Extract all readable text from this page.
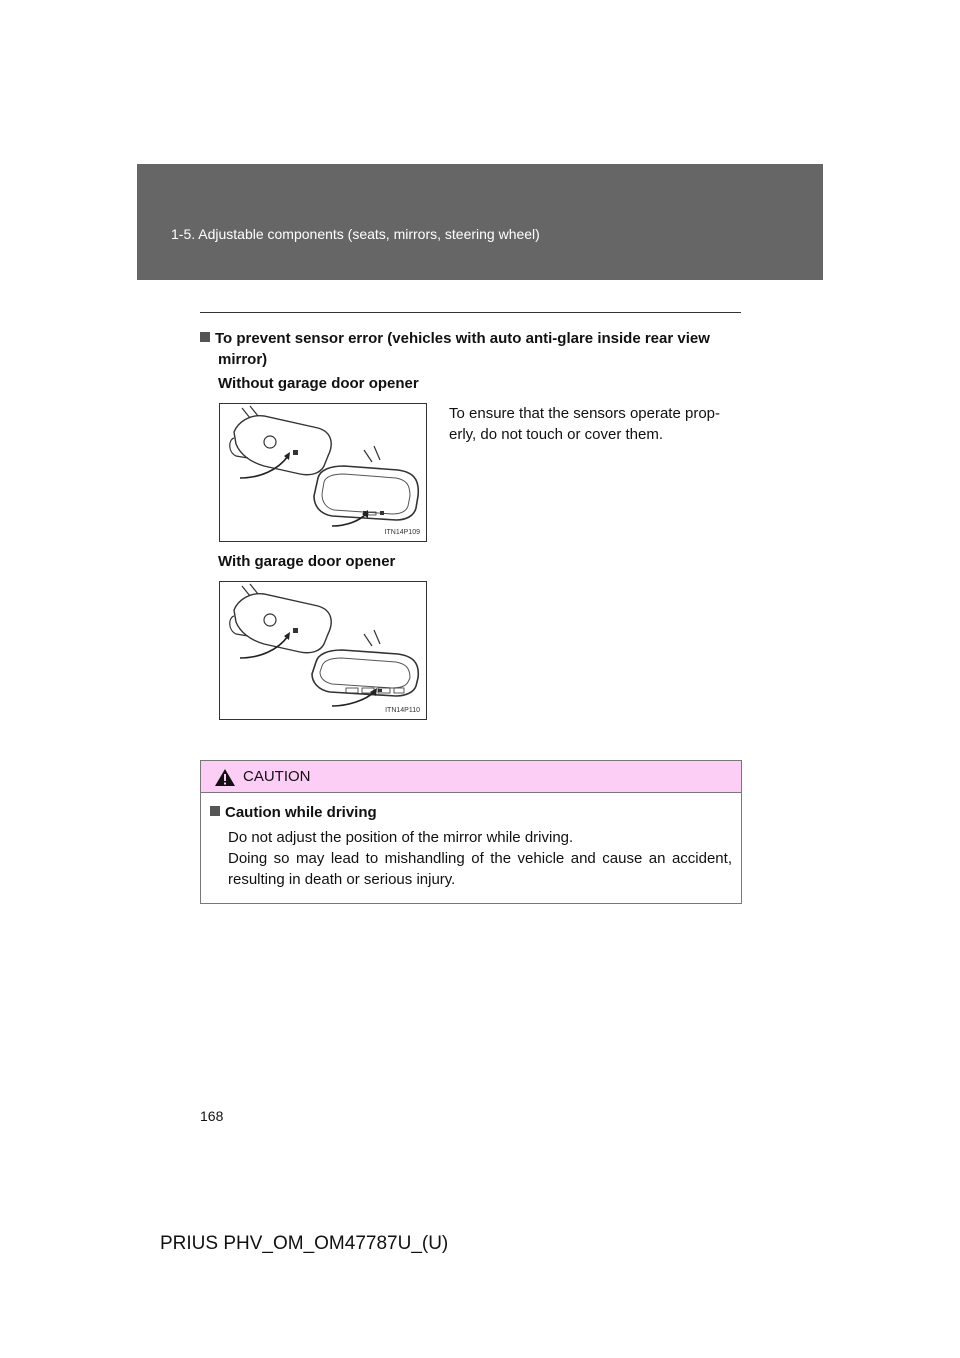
1-5. Adjustable components (seats, mirrors, steering wheel)
To prevent sensor error (vehicles with auto anti-glare inside rear view
mirror)
Without garage door opener
To ensure that the sensors operate prop-
erly, do not touch or cover them.
ITN14P109
With garage door opener
ITN14P110
CAUTION
Caution while driving
Do not adjust the position of the mirror while driving.
Doing so may lead to mishandling of the vehicle and cause an accident, resulting in death or serious injury.
168
PRIUS PHV_OM_OM47787U_(U)
